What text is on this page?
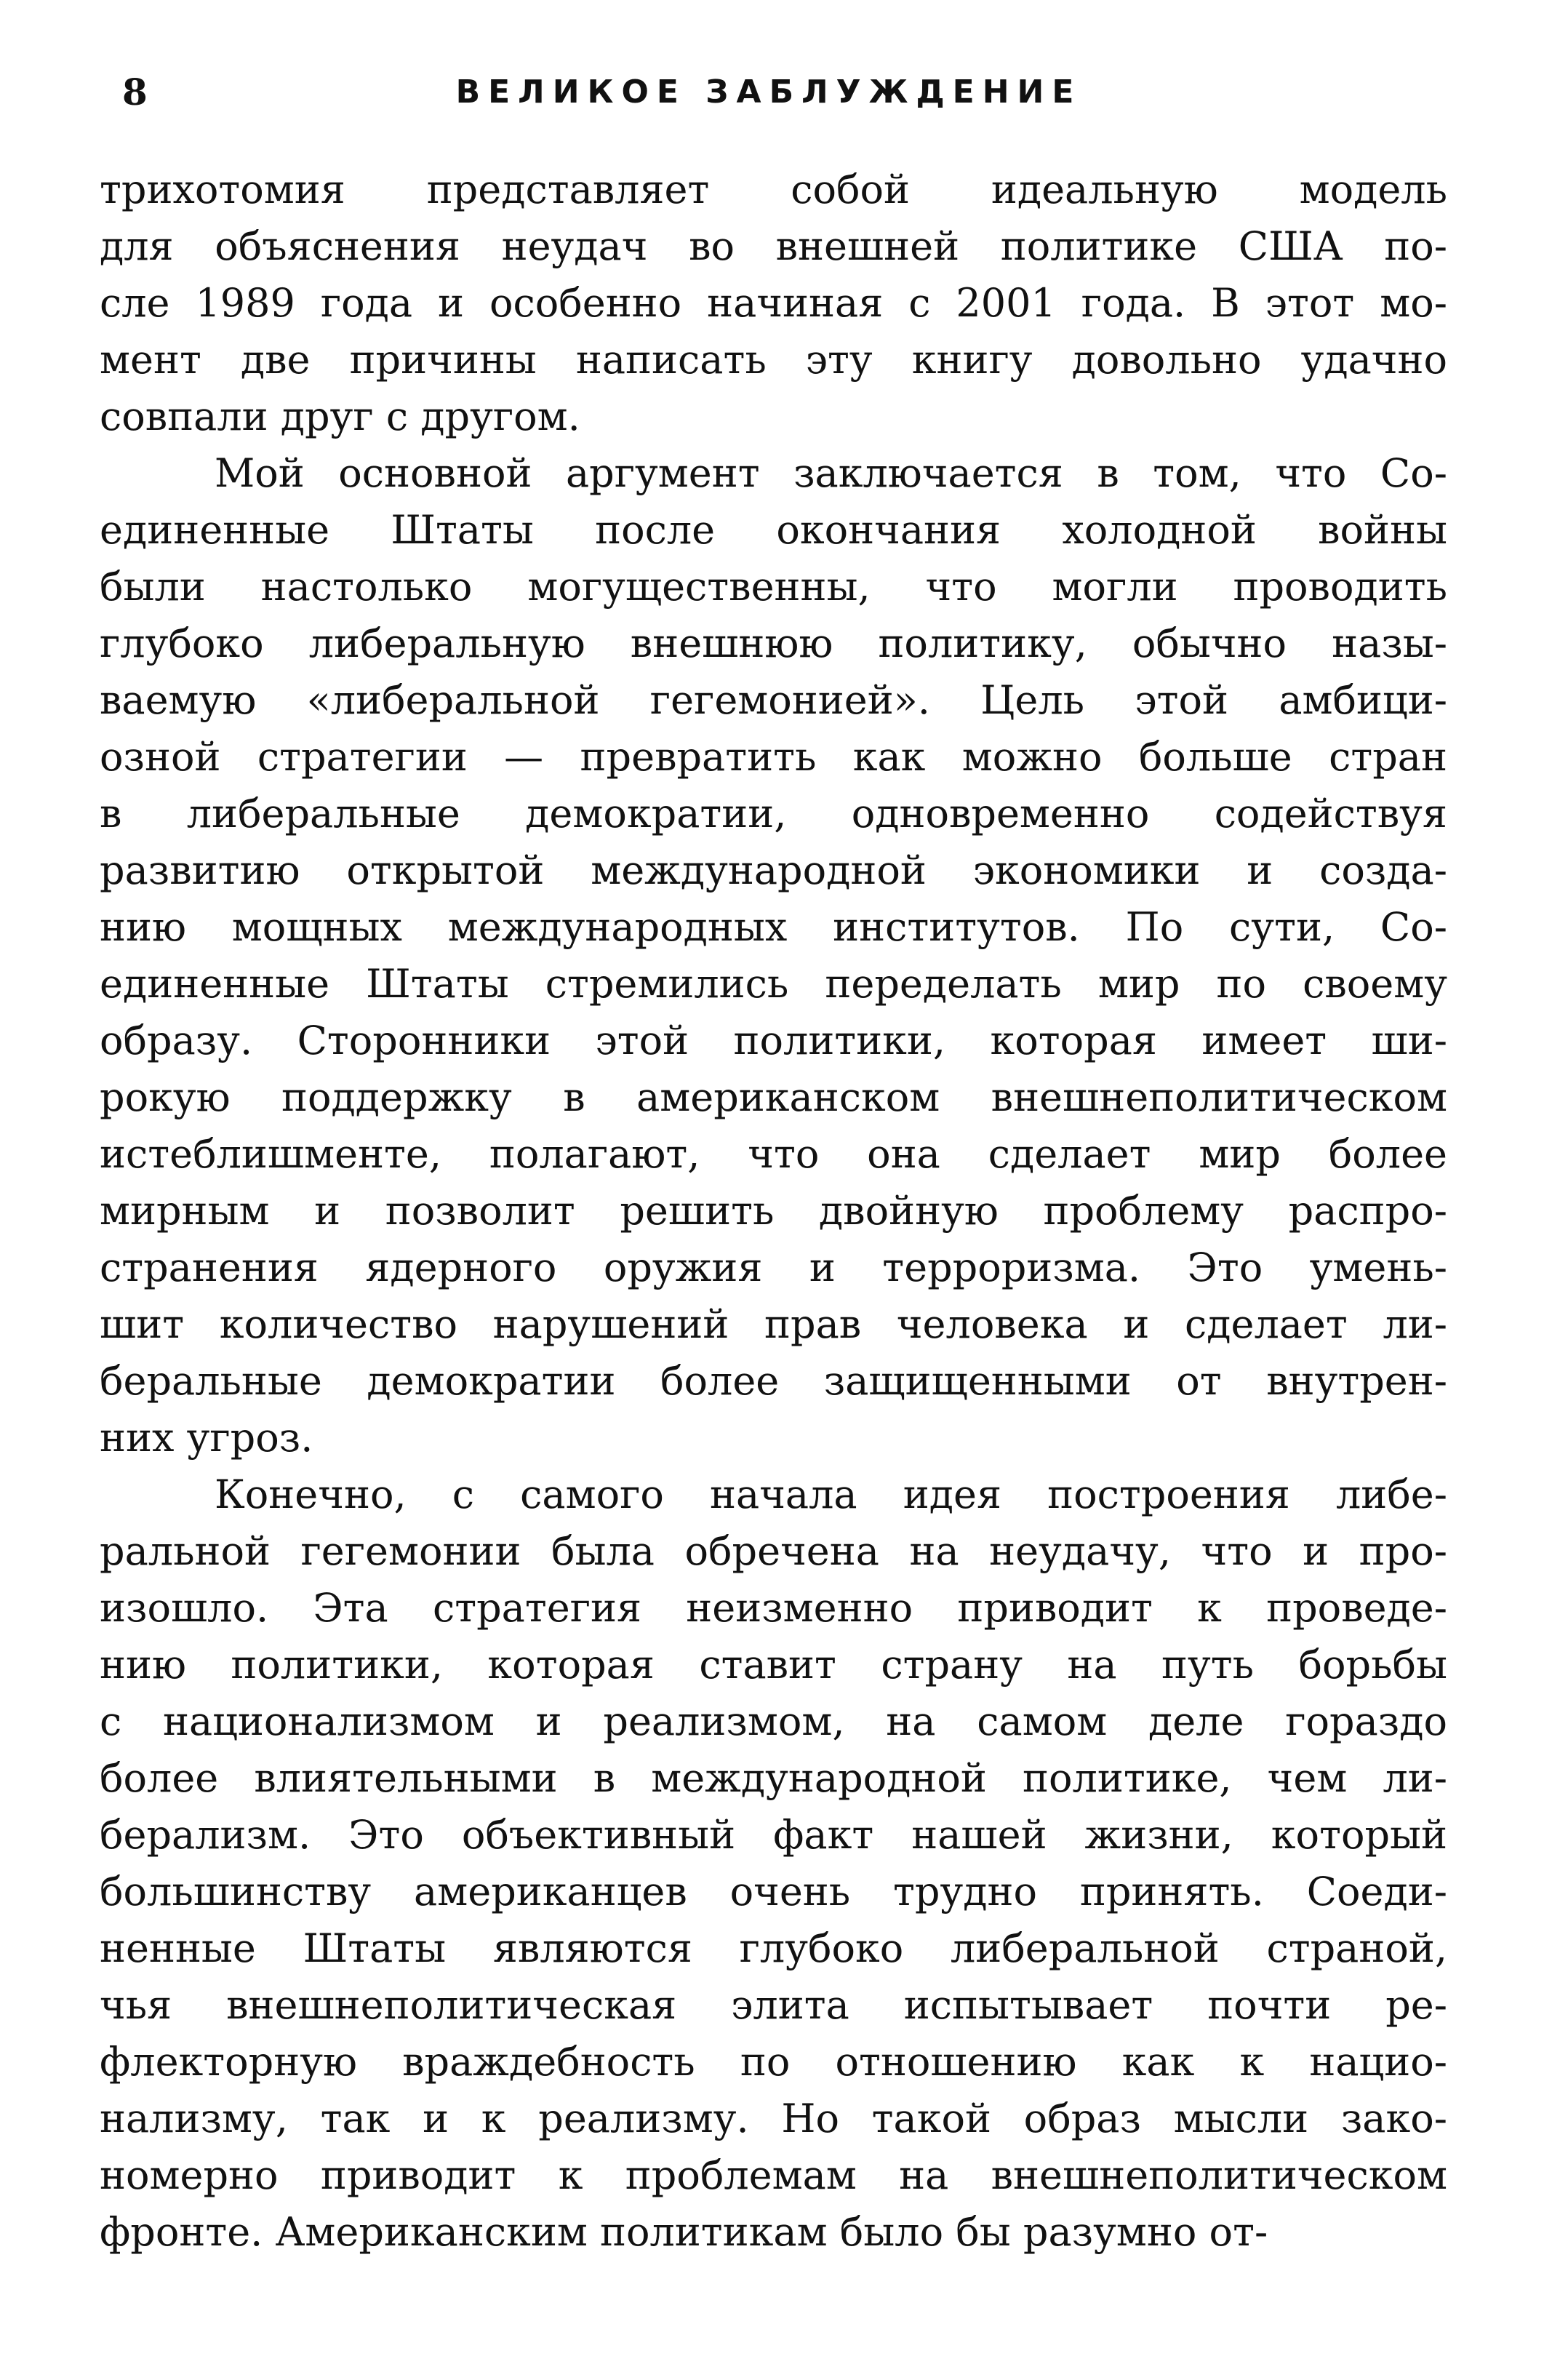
8	ВЕЛИКОЕ ЗАБЛУЖДЕНИЕ
трихотомия представляет собой идеальную модель
для объяснения неудач во внешней политике США по-
сле 1989 года и особенно начиная с 2001 года. В этот мо-
мент две причины написать эту книгу довольно удачно
совпали друг с другом.
Мой основной аргумент заключается в том, что Со-
единенные Штаты после окончания холодной войны
были настолько могущественны, что могли проводить
глубоко либеральную внешнюю политику, обычно назы-
ваемую «либеральной гегемонией». Цель этой амбици-
озной стратегии — превратить как можно больше стран
в либеральные демократии, одновременно содействуя
развитию открытой международной экономики и созда-
нию мощных международных институтов. По сути, Со-
единенные Штаты стремились переделать мир по своему
образу. Сторонники этой политики, которая имеет ши-
рокую поддержку в американском внешнеполитическом
истеблишменте, полагают, что она сделает мир более
мирным и позволит решить двойную проблему распро-
странения ядерного оружия и терроризма. Это умень-
шит количество нарушений прав человека и сделает ли-
беральные демократии более защищенными от внутрен-
них угроз.
Конечно, с самого начала идея построения либе-
ральной гегемонии была обречена на неудачу, что и про-
изошло. Эта стратегия неизменно приводит к проведе-
нию политики, которая ставит страну на путь борьбы
с национализмом и реализмом, на самом деле гораздо
более влиятельными в международной политике, чем ли-
берализм. Это объективный факт нашей жизни, который
большинству американцев очень трудно принять. Соеди-
ненные Штаты являются глубоко либеральной страной,
чья внешнеполитическая элита испытывает почти ре-
флекторную враждебность по отношению как к нацио-
нализму, так и к реализму. Но такой образ мысли зако-
номерно приводит к проблемам на внешнеполитическом
фронте. Американским политикам было бы разумно от-
